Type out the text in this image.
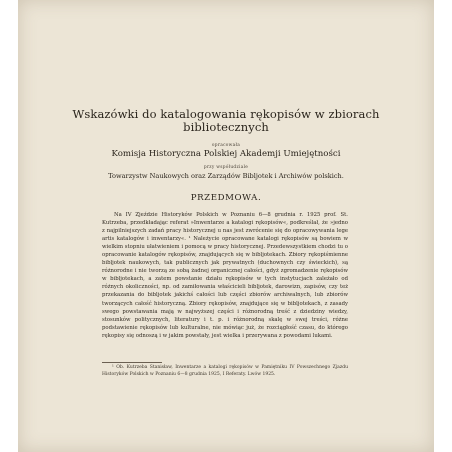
Wskazówki do katalogowania rękopisów w zbiorach bibliotecznych
opracowała
Komisja Historyczna Polskiej Akademji Umiejętności
przy współudziale
Towarzystw Naukowych oraz Zarządów Bibljotek i Archiwów polskich.
PRZEDMOWA.

Na IV Zjeździe Historyków Polskich w Poznaniu 6—8 grudnia r. 1925 prof. St. Kutrzeba, przedkładając referat »Inwentarze a katalogi rękopisów«, podkreślał, że »jedno z najpilniejszych zadań pracy historycznej u nas jest zwrócenie się do opracowywania lege artis katalogów i inwentarzy«. ¹ Należycie opracowane katalogi rękopisów są bowiem w wielkim stopniu ułatwieniem i pomocą w pracy historycznej. Przedewszystkiem chodzi tu o opracowanie katalogów rękopisów, znajdujących się w bibljotekach. Zbiory rękopiśmienne bibljotek naukowych, tak publicznych jak prywatnych (duchownych czy świeckich), są różnorodne i nie tworzą ze sobą żadnej organicznej całości, gdyż zgromadzenie rękopisów w bibljotekach, a zatem powstanie działu rękopisów w tych instytucjach zależało od różnych okoliczności, np. od zamiłowania właścicieli bibljotek, darowizn, zapisów, czy też przekazania do bibljotek jakichś całości lub części zbiorów archiwalnych, lub zbiorów tworzących całość historyczną. Zbiory rękopisów, znajdujące się w bibljotekach, z zasady swego powstawania mają w najwyższej części i różnorodną treść z dziedziny wiedzy, stosunków politycznych, literatury i t. p. i różnorodną skalę w swej treści, różne podstawienie rękopisów lub kulturalne, nie mówiąc już, że rozciągłość czasu, do którego rękopisy się odnoszą i w jakim powstały, jest wielka i przerywana z powodami lukami.

¹ Ob. Kutrzeba Stanisław, Inwentarze a katalogi rękopisów w Pamiętniku IV Powszechnego Zjazdu Historyków Polskich w Poznaniu 6—8 grudnia 1925, I Referaty. Lwów 1925.
